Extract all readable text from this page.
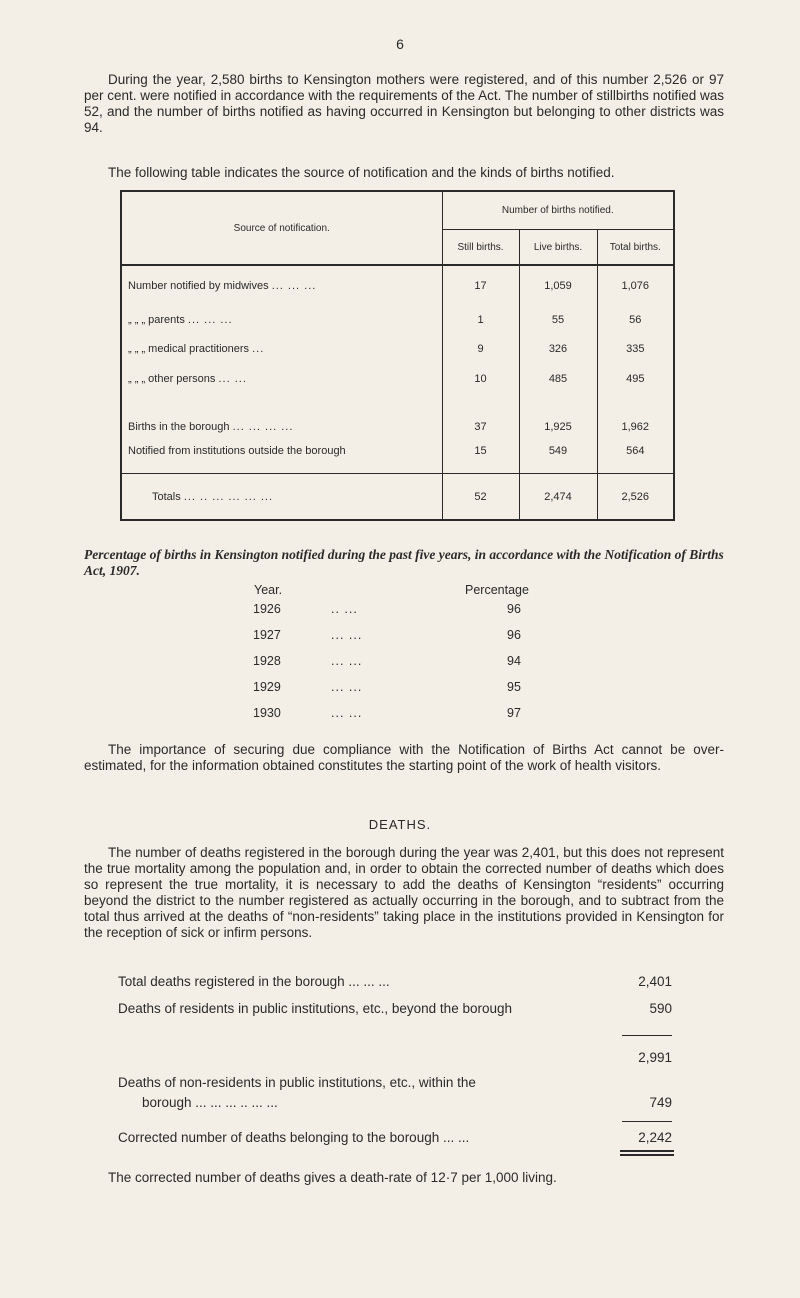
6

During the year, 2,580 births to Kensington mothers were registered, and of this number 2,526 or 97 per cent. were notified in accordance with the requirements of the Act. The number of stillbirths notified was 52, and the number of births notified as having occurred in Kensington but belonging to other districts was 94.

The following table indicates the source of notification and the kinds of births notified.
Source of notification.	Number of births notified.		
	Still births.	Live births.	Total births.
Number notified by midwives ... ... ...	17	1,059	1,076
„ „ „ parents ... ... ...	1	55	56
„ „ „ medical practitioners ...	9	326	335
„ „ „ other persons ... ...	10	485	495
Births in the borough ... ... ... ...	37	1,925	1,962
Notified from institutions outside the borough	15	549	564
Totals ... .. ... ... ... ...	52	2,474	2,526

Percentage of births in Kensington notified during the past five years, in accordance with the Notification of Births Act, 1907.

Year.	Percentage
1926	.. ...	96
1927	... ...	96
1928	... ...	94
1929	... ...	95
1930	... ...	97

The importance of securing due compliance with the Notification of Births Act cannot be over-estimated, for the information obtained constitutes the starting point of the work of health visitors.

DEATHS.

The number of deaths registered in the borough during the year was 2,401, but this does not represent the true mortality among the population and, in order to obtain the corrected number of deaths which does so represent the true mortality, it is necessary to add the deaths of Kensington “residents” occurring beyond the district to the number registered as actually occurring in the borough, and to subtract from the total thus arrived at the deaths of “non-residents” taking place in the institutions provided in Kensington for the reception of sick or infirm persons.

Total deaths registered in the borough ... ... ...	2,401
Deaths of residents in public institutions, etc., beyond the borough	590
2,991
Deaths of non-residents in public institutions, etc., within the
borough ... ... ... .. ... ...	749
Corrected number of deaths belonging to the borough ... ...	2,242
The corrected number of deaths gives a death-rate of 12·7 per 1,000 living.
